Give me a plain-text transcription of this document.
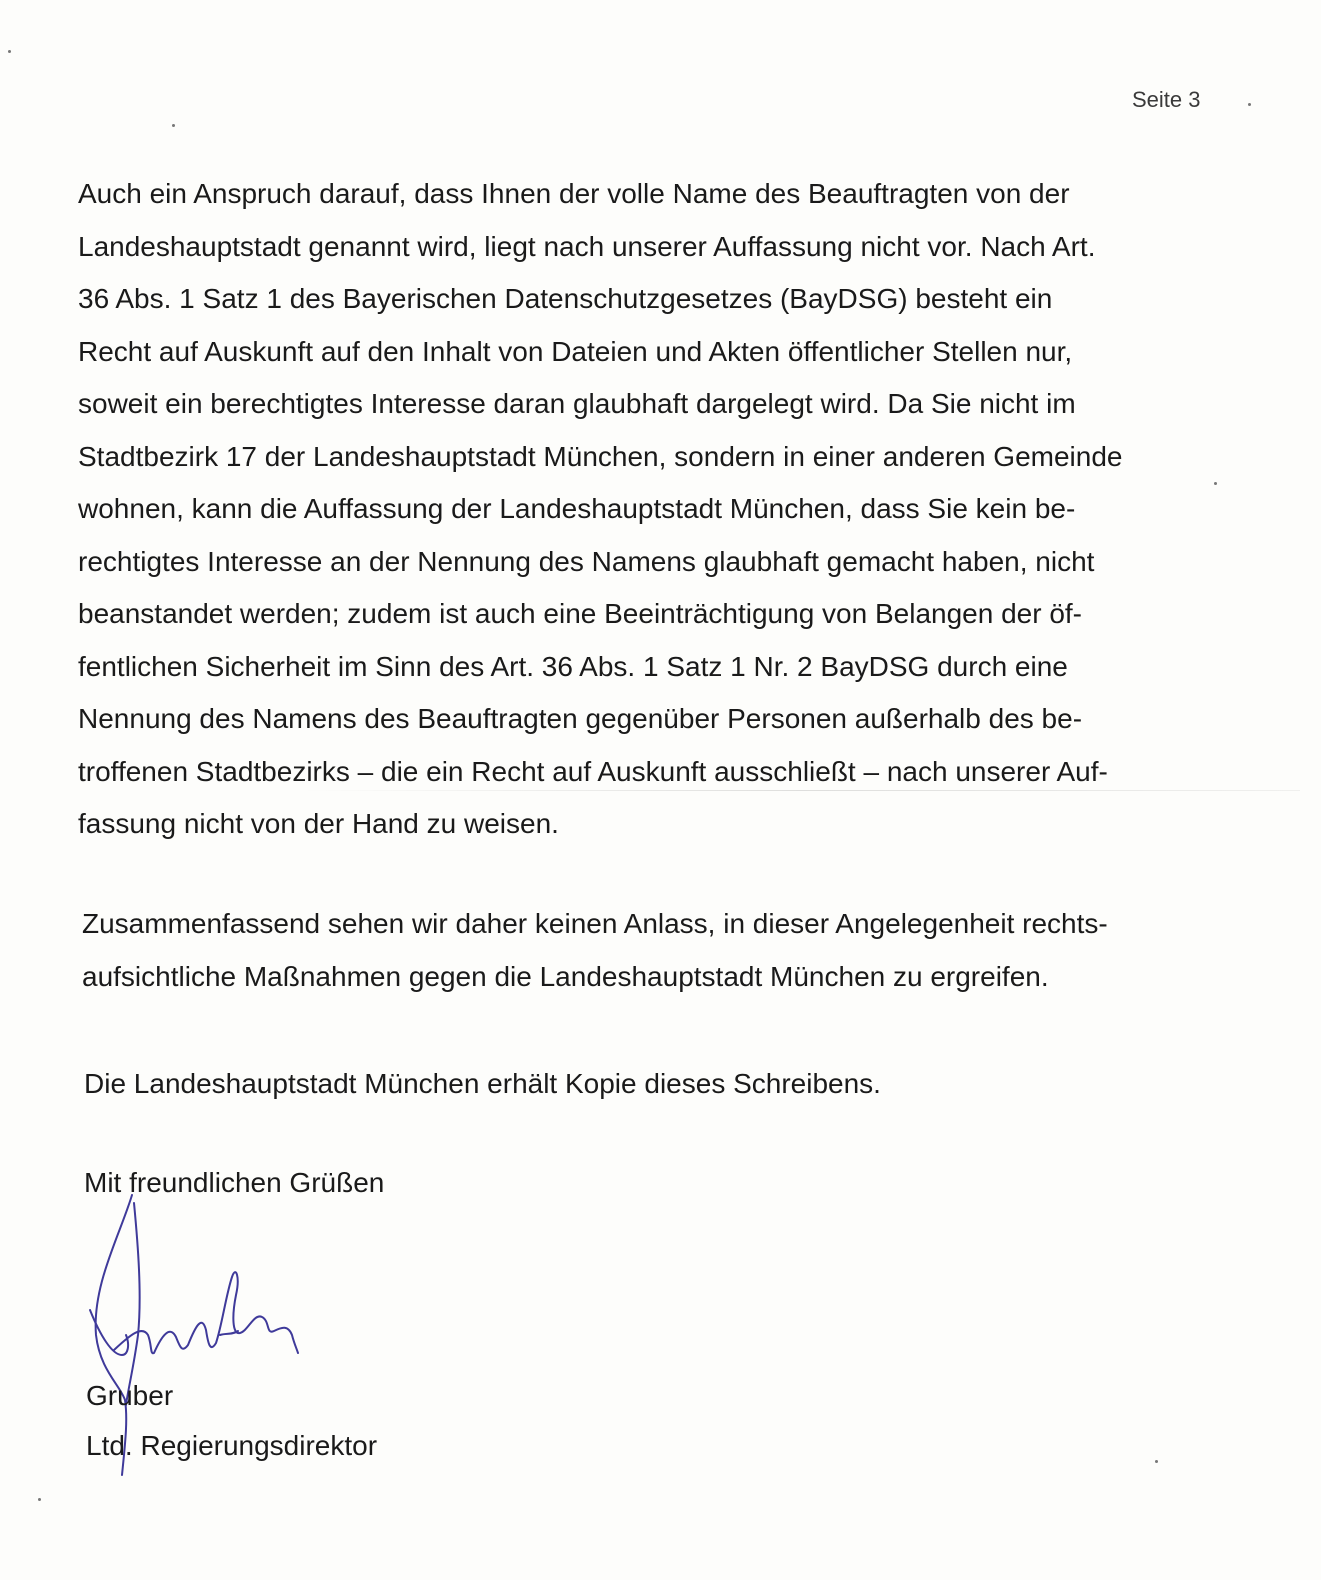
Seite 3
Auch ein Anspruch darauf, dass Ihnen der volle Name des Beauftragten von der
Landeshauptstadt genannt wird, liegt nach unserer Auffassung nicht vor. Nach Art.
36 Abs. 1 Satz 1 des Bayerischen Datenschutzgesetzes (BayDSG) besteht ein
Recht auf Auskunft auf den Inhalt von Dateien und Akten öffentlicher Stellen nur,
soweit ein berechtigtes Interesse daran glaubhaft dargelegt wird. Da Sie nicht im
Stadtbezirk 17 der Landeshauptstadt München, sondern in einer anderen Gemeinde
wohnen, kann die Auffassung der Landeshauptstadt München, dass Sie kein be-
rechtigtes Interesse an der Nennung des Namens glaubhaft gemacht haben, nicht
beanstandet werden; zudem ist auch eine Beeinträchtigung von Belangen der öf-
fentlichen Sicherheit im Sinn des Art. 36 Abs. 1 Satz 1 Nr. 2 BayDSG durch eine
Nennung des Namens des Beauftragten gegenüber Personen außerhalb des be-
troffenen Stadtbezirks – die ein Recht auf Auskunft ausschließt – nach unserer Auf-
fassung nicht von der Hand zu weisen.
Zusammenfassend sehen wir daher keinen Anlass, in dieser Angelegenheit rechts-
aufsichtliche Maßnahmen gegen die Landeshauptstadt München zu ergreifen.
Die Landeshauptstadt München erhält Kopie dieses Schreibens.
Mit freundlichen Grüßen
Gruber
Ltd. Regierungsdirektor
